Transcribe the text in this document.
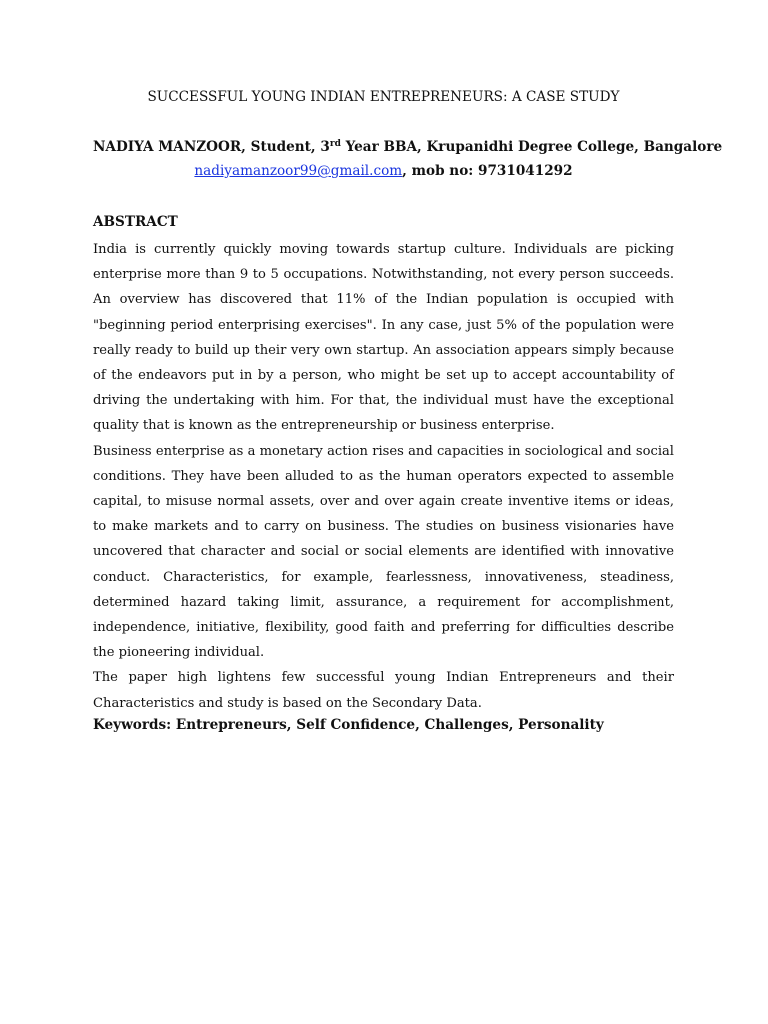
SUCCESSFUL YOUNG INDIAN ENTREPRENEURS: A CASE STUDY
NADIYA MANZOOR, Student, 3rd Year BBA, Krupanidhi Degree College, Bangalore
nadiyamanzoor99@gmail.com, mob no: 9731041292
ABSTRACT

India is currently quickly moving towards startup culture. Individuals are picking enterprise more than 9 to 5 occupations. Notwithstanding, not every person succeeds. An overview has discovered that 11% of the Indian population is occupied with "beginning period enterprising exercises". In any case, just 5% of the population were really ready to build up their very own startup. An association appears simply because of the endeavors put in by a person, who might be set up to accept accountability of driving the undertaking with him. For that, the individual must have the exceptional quality that is known as the entrepreneurship or business enterprise.

Business enterprise as a monetary action rises and capacities in sociological and social conditions. They have been alluded to as the human operators expected to assemble capital, to misuse normal assets, over and over again create inventive items or ideas, to make markets and to carry on business. The studies on business visionaries have uncovered that character and social or social elements are identified with innovative conduct. Characteristics, for example, fearlessness, innovativeness, steadiness, determined hazard taking limit, assurance, a requirement for accomplishment, independence, initiative, flexibility, good faith and preferring for difficulties describe the pioneering individual.

The paper high lightens few successful young Indian Entrepreneurs and their Characteristics and study is based on the Secondary Data.

Keywords: Entrepreneurs, Self Confidence, Challenges, Personality
